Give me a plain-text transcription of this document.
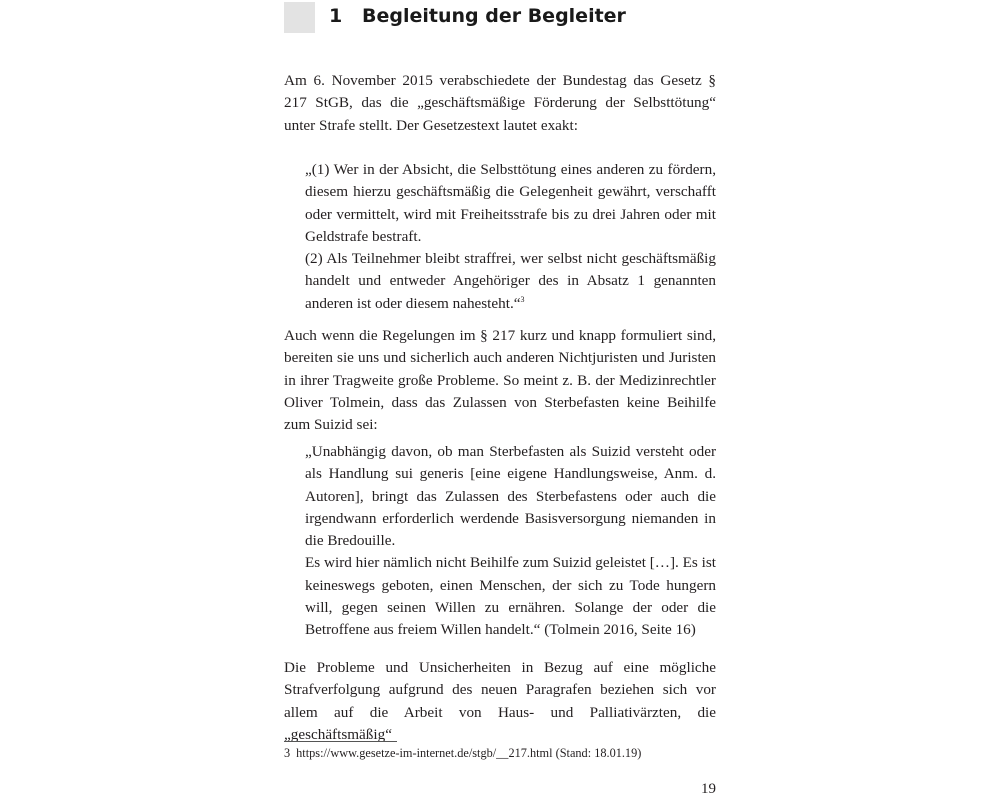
1 Begleitung der Begleiter

Am 6. November 2015 verabschiedete der Bundestag das Gesetz § 217 StGB, das die „geschäftsmäßige Förderung der Selbsttötung“ unter Strafe stellt. Der Gesetzestext lautet exakt:

„(1) Wer in der Absicht, die Selbsttötung eines anderen zu fördern, diesem hierzu geschäftsmäßig die Gelegenheit gewährt, verschafft oder vermittelt, wird mit Freiheitsstrafe bis zu drei Jahren oder mit Geldstrafe bestraft.

(2) Als Teilnehmer bleibt straffrei, wer selbst nicht geschäftsmäßig handelt und entweder Angehöriger des in Absatz 1 genannten anderen ist oder diesem nahesteht.“$^3$

Auch wenn die Regelungen im § 217 kurz und knapp formuliert sind, bereiten sie uns und sicherlich auch anderen Nichtjuristen und Juristen in ihrer Tragweite große Probleme. So meint z. B. der Medizinrechtler Oliver Tolmein, dass das Zulassen von Sterbefasten keine Beihilfe zum Suizid sei:

„Unabhängig davon, ob man Sterbefasten als Suizid versteht oder als Handlung sui generis [eine eigene Handlungsweise, Anm. d. Autoren], bringt das Zulassen des Sterbefastens oder auch die irgendwann erforderlich werdende Basisversorgung niemanden in die Bredouille.

Es wird hier nämlich nicht Beihilfe zum Suizid geleistet […]. Es ist keineswegs geboten, einen Menschen, der sich zu Tode hungern will, gegen seinen Willen zu ernähren. Solange der oder die Betroffene aus freiem Willen handelt.“ (Tolmein 2016, Seite 16)

Die Probleme und Unsicherheiten in Bezug auf eine mögliche Strafverfolgung aufgrund des neuen Paragrafen beziehen sich vor allem auf die Arbeit von Haus- und Palliativärzten, die „geschäftsmäßig“

3 https://www.gesetze-im-internet.de/stgb/__217.html (Stand: 18.01.19)
19
